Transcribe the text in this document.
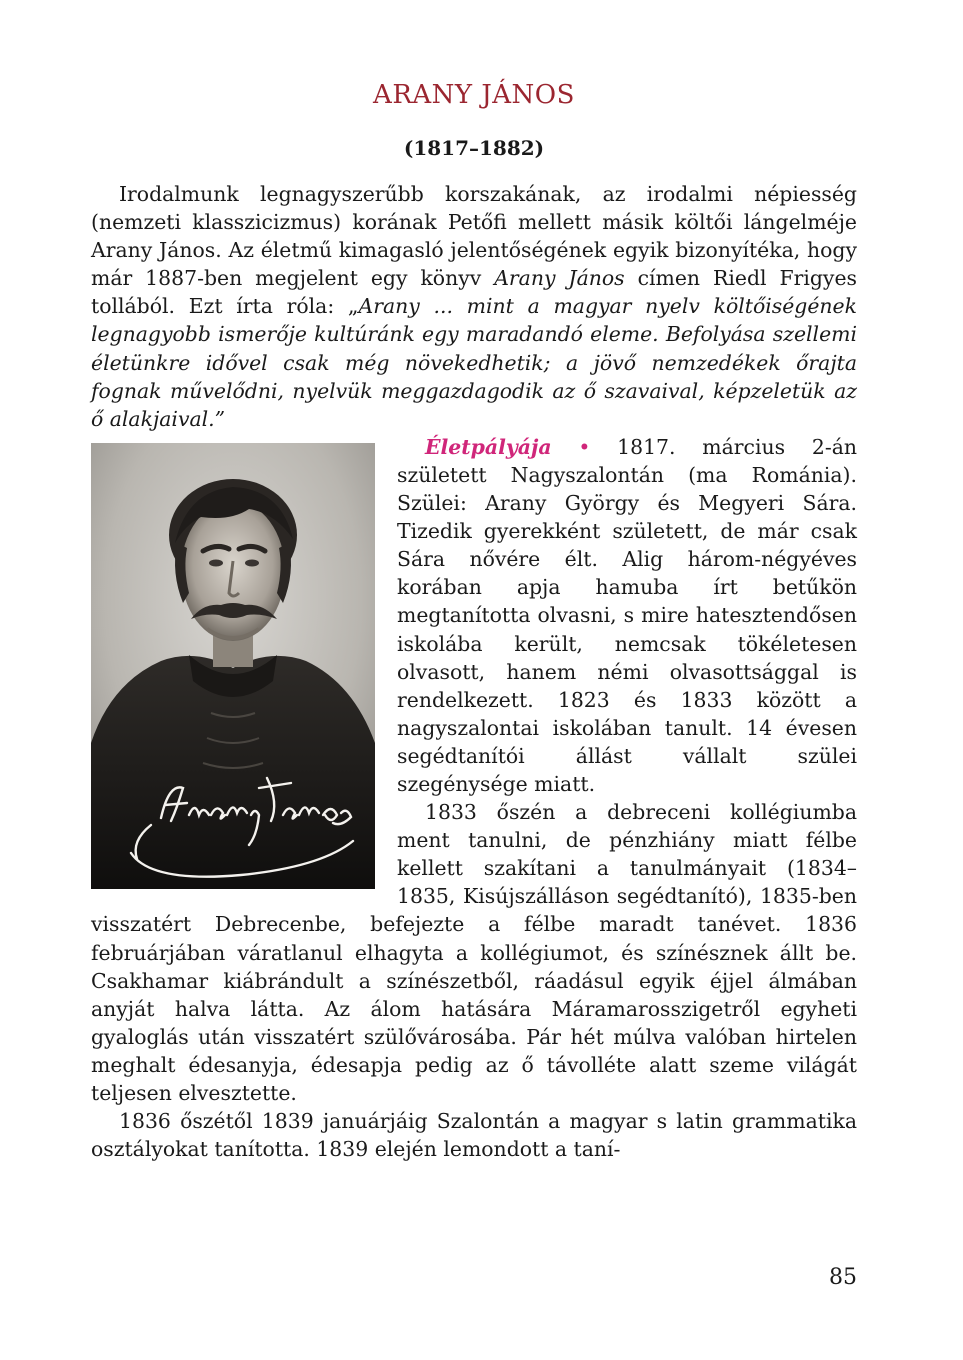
ARANY JÁNOS
(1817–1882)

Irodalmunk legnagyszerűbb korszakának, az irodalmi népiesség (nemzeti klasszicizmus) korának Petőfi mellett másik költői lángelméje Arany János. Az életmű kimagasló jelentőségének egyik bizonyítéka, hogy már 1887-ben megjelent egy könyv Arany János címen Riedl Frigyes tollából. Ezt írta róla: „Arany ... mint a magyar nyelv költőiségének legnagyobb ismerője kultúránk egy maradandó eleme. Befolyása szellemi életünkre idővel csak még növekedhetik; a jövő nemzedékek őrajta fognak művelődni, nyelvük meggazdagodik az ő szavaival, képzeletük az ő alakjaival.”

Életpályája • 1817. március 2-án született Nagyszalontán (ma Románia). Szülei: Arany György és Megyeri Sára. Tizedik gyerekként született, de már csak Sára nővére élt. Alig három-négyéves korában apja hamuba írt betűkön megtanította olvasni, s mire hatesztendősen iskolába került, nemcsak tökéletesen olvasott, hanem némi olvasottsággal is rendelkezett. 1823 és 1833 között a nagyszalontai iskolában tanult. 14 évesen segédtanítói állást vállalt szülei szegénysége miatt.

1833 őszén a debreceni kollégiumba ment tanulni, de pénzhiány miatt félbe kellett szakítani a tanulmányait (1834–1835, Kisújszálláson segédtanító), 1835-ben visszatért Debrecenbe, befejezte a félbe maradt tanévet. 1836 februárjában váratlanul elhagyta a kollégiumot, és színésznek állt be. Csakhamar kiábrándult a színészetből, ráadásul egyik éjjel álmában anyját halva látta. Az álom hatására Máramarosszigetről egyheti gyaloglás után visszatért szülővárosába. Pár hét múlva valóban hirtelen meghalt édesanyja, édesapja pedig az ő távolléte alatt szeme világát teljesen elvesztette.

1836 őszétől 1839 januárjáig Szalontán a magyar s latin grammatika osztályokat tanította. 1839 elején lemondott a taní-

85
